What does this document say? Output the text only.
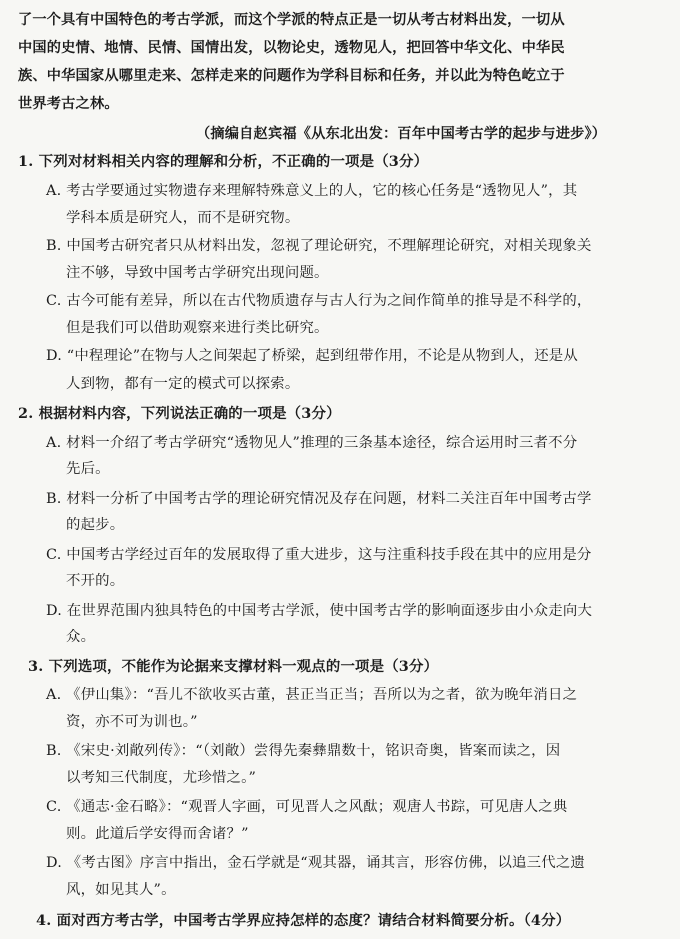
了一个具有中国特色的考古学派，而这个学派的特点正是一切从考古材料出发，一切从
中国的史情、地情、民情、国情出发，以物论史，透物见人，把回答中华文化、中华民
族、中华国家从哪里走来、怎样走来的问题作为学科目标和任务，并以此为特色屹立于
世界考古之林。
（摘编自赵宾福《从东北出发：百年中国考古学的起步与进步》）
1. 下列对材料相关内容的理解和分析，不正确的一项是（3分）
A. 考古学要通过实物遗存来理解特殊意义上的人，它的核心任务是“透物见人”，其
学科本质是研究人，而不是研究物。
B. 中国考古研究者只从材料出发，忽视了理论研究，不理解理论研究，对相关现象关
注不够，导致中国考古学研究出现问题。
C. 古今可能有差异，所以在古代物质遗存与古人行为之间作简单的推导是不科学的，
但是我们可以借助观察来进行类比研究。
D. “中程理论”在物与人之间架起了桥梁，起到纽带作用，不论是从物到人，还是从
人到物，都有一定的模式可以探索。
2. 根据材料内容，下列说法正确的一项是（3分）
A. 材料一介绍了考古学研究“透物见人”推理的三条基本途径，综合运用时三者不分
先后。
B. 材料一分析了中国考古学的理论研究情况及存在问题，材料二关注百年中国考古学
的起步。
C. 中国考古学经过百年的发展取得了重大进步，这与注重科技手段在其中的应用是分
不开的。
D. 在世界范围内独具特色的中国考古学派，使中国考古学的影响面逐步由小众走向大
众。
3. 下列选项，不能作为论据来支撑材料一观点的一项是（3分）
A. 《伊山集》：“吾儿不欲收买古董，甚正当正当；吾所以为之者，欲为晚年消日之
资，亦不可为训也。”
B. 《宋史·刘敞列传》：“（刘敞）尝得先秦彝鼎数十，铭识奇奥，皆案而读之，因
以考知三代制度，尤珍惜之。”
C. 《通志·金石略》：“观晋人字画，可见晋人之风酞；观唐人书踪，可见唐人之典
则。此道后学安得而舍诸？”
D. 《考古图》序言中指出，金石学就是“观其器，诵其言，形容仿佛，以追三代之遗
风，如见其人”。
4. 面对西方考古学，中国考古学界应持怎样的态度？请结合材料简要分析。（4分）
